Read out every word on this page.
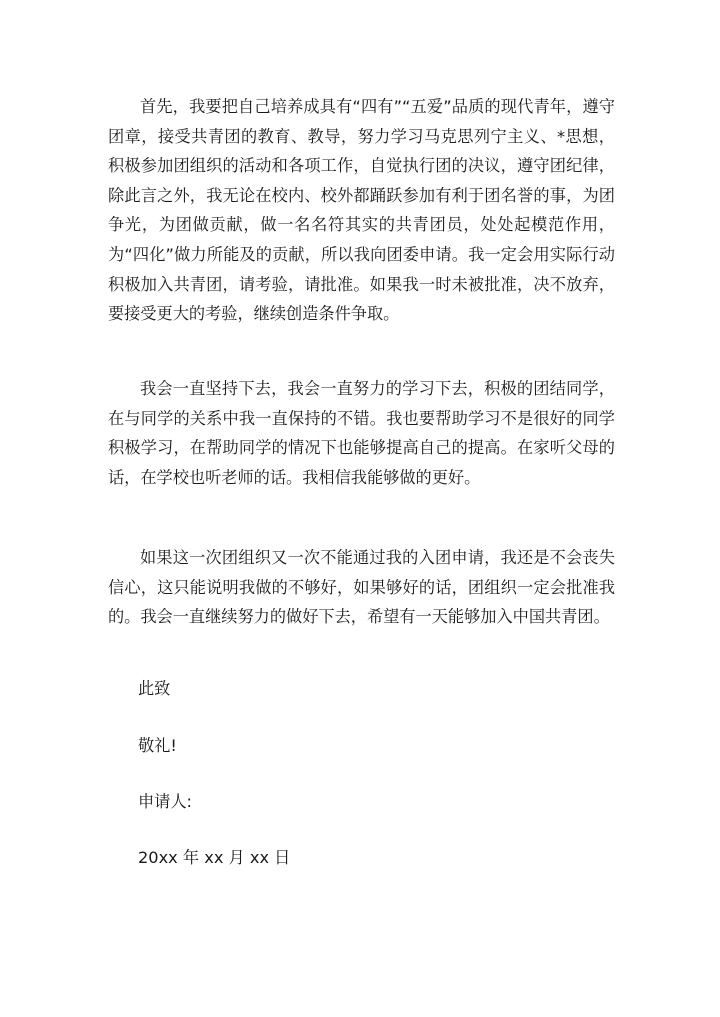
首先，我要把自己培养成具有“四有”“五爱”品质的现代青年，遵守团章，接受共青团的教育、教导，努力学习马克思列宁主义、*思想，积极参加团组织的活动和各项工作，自觉执行团的决议，遵守团纪律，除此言之外，我无论在校内、校外都踊跃参加有利于团名誉的事，为团争光，为团做贡献，做一名名符其实的共青团员，处处起模范作用，为“四化”做力所能及的贡献，所以我向团委申请。我一定会用实际行动积极加入共青团，请考验，请批准。如果我一时未被批准，决不放弃，要接受更大的考验，继续创造条件争取。

我会一直坚持下去，我会一直努力的学习下去，积极的团结同学，在与同学的关系中我一直保持的不错。我也要帮助学习不是很好的同学积极学习，在帮助同学的情况下也能够提高自己的提高。在家听父母的话，在学校也听老师的话。我相信我能够做的更好。

如果这一次团组织又一次不能通过我的入团申请，我还是不会丧失信心，这只能说明我做的不够好，如果够好的话，团组织一定会批准我的。我会一直继续努力的做好下去，希望有一天能够加入中国共青团。

此致

敬礼!

申请人:

20xx 年 xx 月 xx 日
